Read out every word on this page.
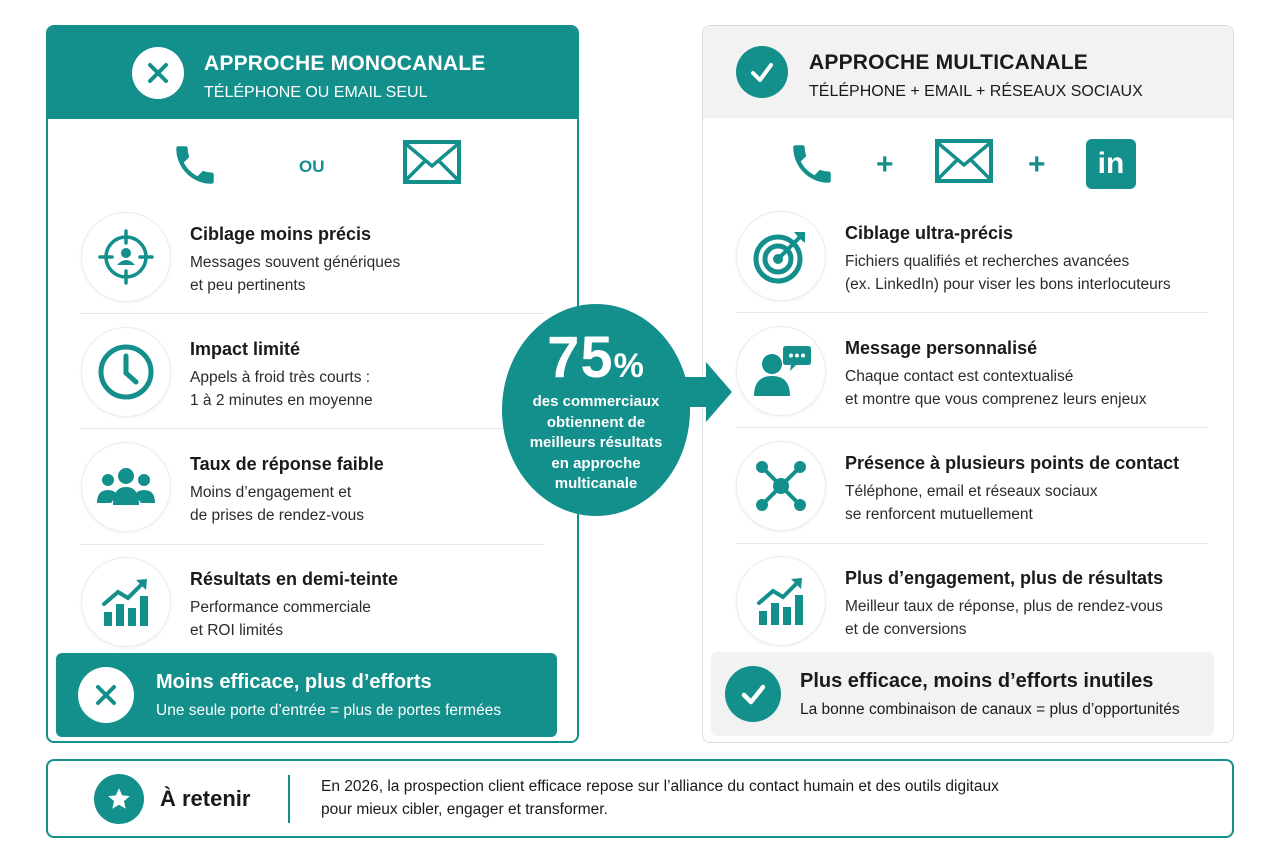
APPROCHE MONOCANALE
TÉLÉPHONE OU EMAIL SEUL
OU
Ciblage moins précis
Messages souvent génériques
et peu pertinents
Impact limité
Appels à froid très courts :
1 à 2 minutes en moyenne
Taux de réponse faible
Moins d’engagement et
de prises de rendez-vous
Résultats en demi-teinte
Performance commerciale
et ROI limités
Moins efficace, plus d’efforts
Une seule porte d’entrée = plus de portes fermées
APPROCHE MULTICANALE
TÉLÉPHONE + EMAIL + RÉSEAUX SOCIAUX
+	+ in
Ciblage ultra-précis
Fichiers qualifiés et recherches avancées
(ex. LinkedIn) pour viser les bons interlocuteurs
Message personnalisé
Chaque contact est contextualisé
et montre que vous comprenez leurs enjeux
Présence à plusieurs points de contact
Téléphone, email et réseaux sociaux
se renforcent mutuellement
Plus d’engagement, plus de résultats
Meilleur taux de réponse, plus de rendez-vous
et de conversions
Plus efficace, moins d’efforts inutiles
La bonne combinaison de canaux = plus d’opportunités
75%
des commerciaux
obtiennent de
meilleurs résultats
en approche
multicanale
À retenir	En 2026, la prospection client efficace repose sur l’alliance du contact humain et des outils digitaux
pour mieux cibler, engager et transformer.
